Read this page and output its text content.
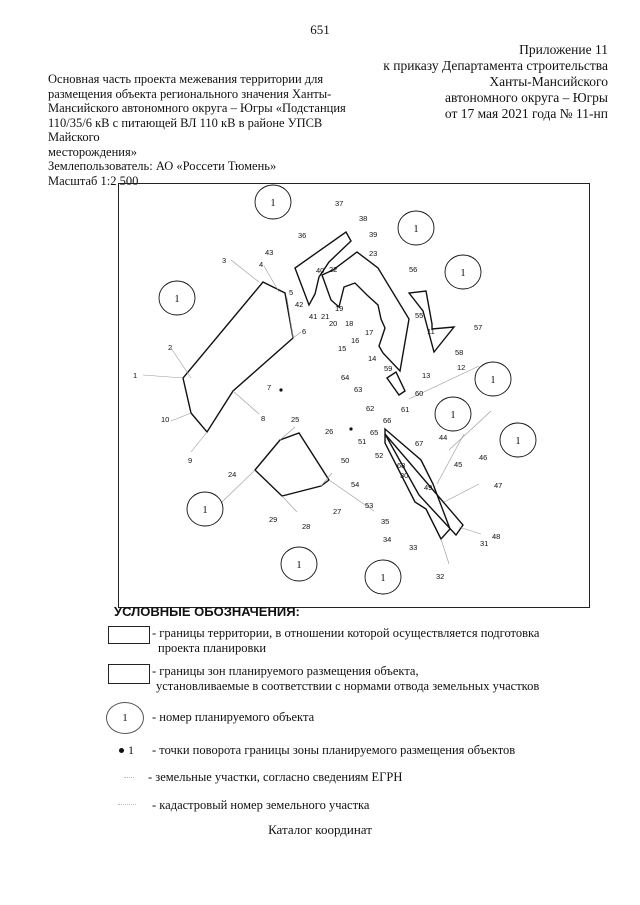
651
Приложение 11
к приказу Департамента строительства
Ханты-Мансийского
автономного округа – Югры
от 17 мая 2021 года № 11-нп
Основная часть проекта межевания территории для
размещения объекта регионального значения Ханты-
Мансийского автономного округа – Югры «Подстанция
110/35/6 кВ с питающей ВЛ 110 кВ в районе УПСВ Майского
месторождения»
Землепользователь: АО «Россети Тюмень»
Масштаб 1:2 500
1
1
1
1
1
1
1
1
1
1
1
2
3	4
5
6
7
8
9
10
11
12
13
14
15
16
17
18
19
20
21
22
23
24
25
26
27
28
29
30
31
32
33
34
35
36
37
38
39
40
41
42
43
44
45
46
47
48
49
50
51
52
53
54
55
56
57
58
59
60
61
62
63
64
65
66
67
68
УСЛОВНЫЕ ОБОЗНАЧЕНИЯ:
- границы территории, в отношении которой осуществляется подготовка
проекта планировки
- границы зон планируемого размещения объекта,
установливаемые в соответствии с нормами отвода земельных участков
1	- номер планируемого объекта
1 - точки поворота границы зоны планируемого размещения объектов
- земельные участки, согласно сведениям ЕГРН
- кадастровый номер земельного участка
Каталог координат
